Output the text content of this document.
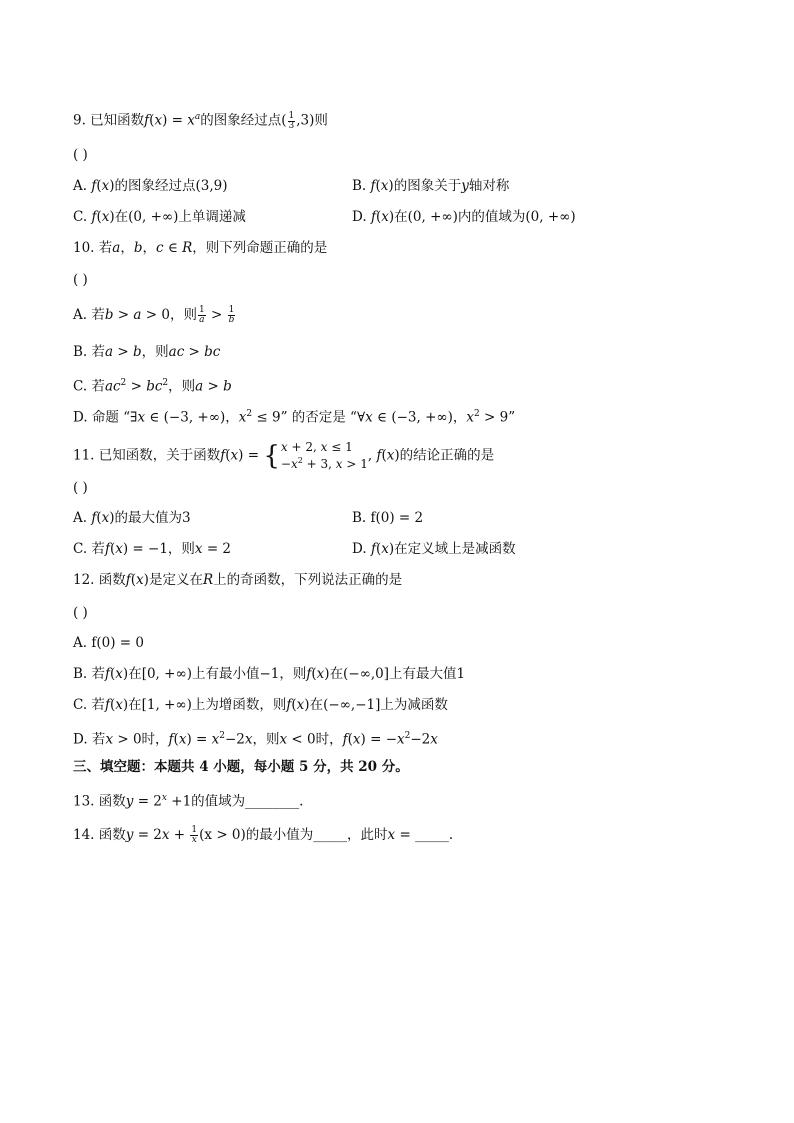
9. 已知函数$f(x) = x^a$的图象经过点( $\frac{1}{3} ,3$)则
( )
A. f(x)的图象经过点(3,9)	B. f(x)的图象关于y轴对称
C. f(x)在(0, +∞)上单调递减	D. f(x)在(0, +∞)内的值域为(0, +∞)
10. 若a，b，c ∈ R，则下列命题正确的是
( )
A. 若b > a > 0，则 $\frac{1}{a} > \frac{1}{b}$
B. 若a > b，则ac > bc
C. 若$ac^2 > bc^2$，则a > b
D. 命题 “∃x ∈ (−3, +∞)，$x^2 \le 9$” 的否定是 “∀x ∈ (−3, +∞)，$x^2 > 9$”
11. 已知函数，关于函数f(x) = { x + 2, x ≤ 1
$-x^2 + 3$, x > 1
, f(x)的结论正确的是
( )
A. f(x)的最大值为3	B. f(0) = 2
C. 若f(x) = −1，则x = 2	D. f(x)在定义域上是减函数
12. 函数f(x)是定义在R上的奇函数，下列说法正确的是
( )
A. f(0) = 0
B. 若f(x)在[0, +∞)上有最小值−1，则f(x)在(−∞,0]上有最大值1
C. 若f(x)在[1, +∞)上为增函数，则f(x)在(−∞,−1]上为减函数
D. 若x > 0时，$f(x) = x^2-2x$，则x < 0时，$f(x) = -x^2-2x$
三、填空题：本题共 4 小题，每小题 5 分，共 20 分。
13. 函数$y = 2^x +1$的值域为________.
14. 函数$y = 2x + \frac{1}{x} (x > 0)$的最小值为_____，此时x = _____.
